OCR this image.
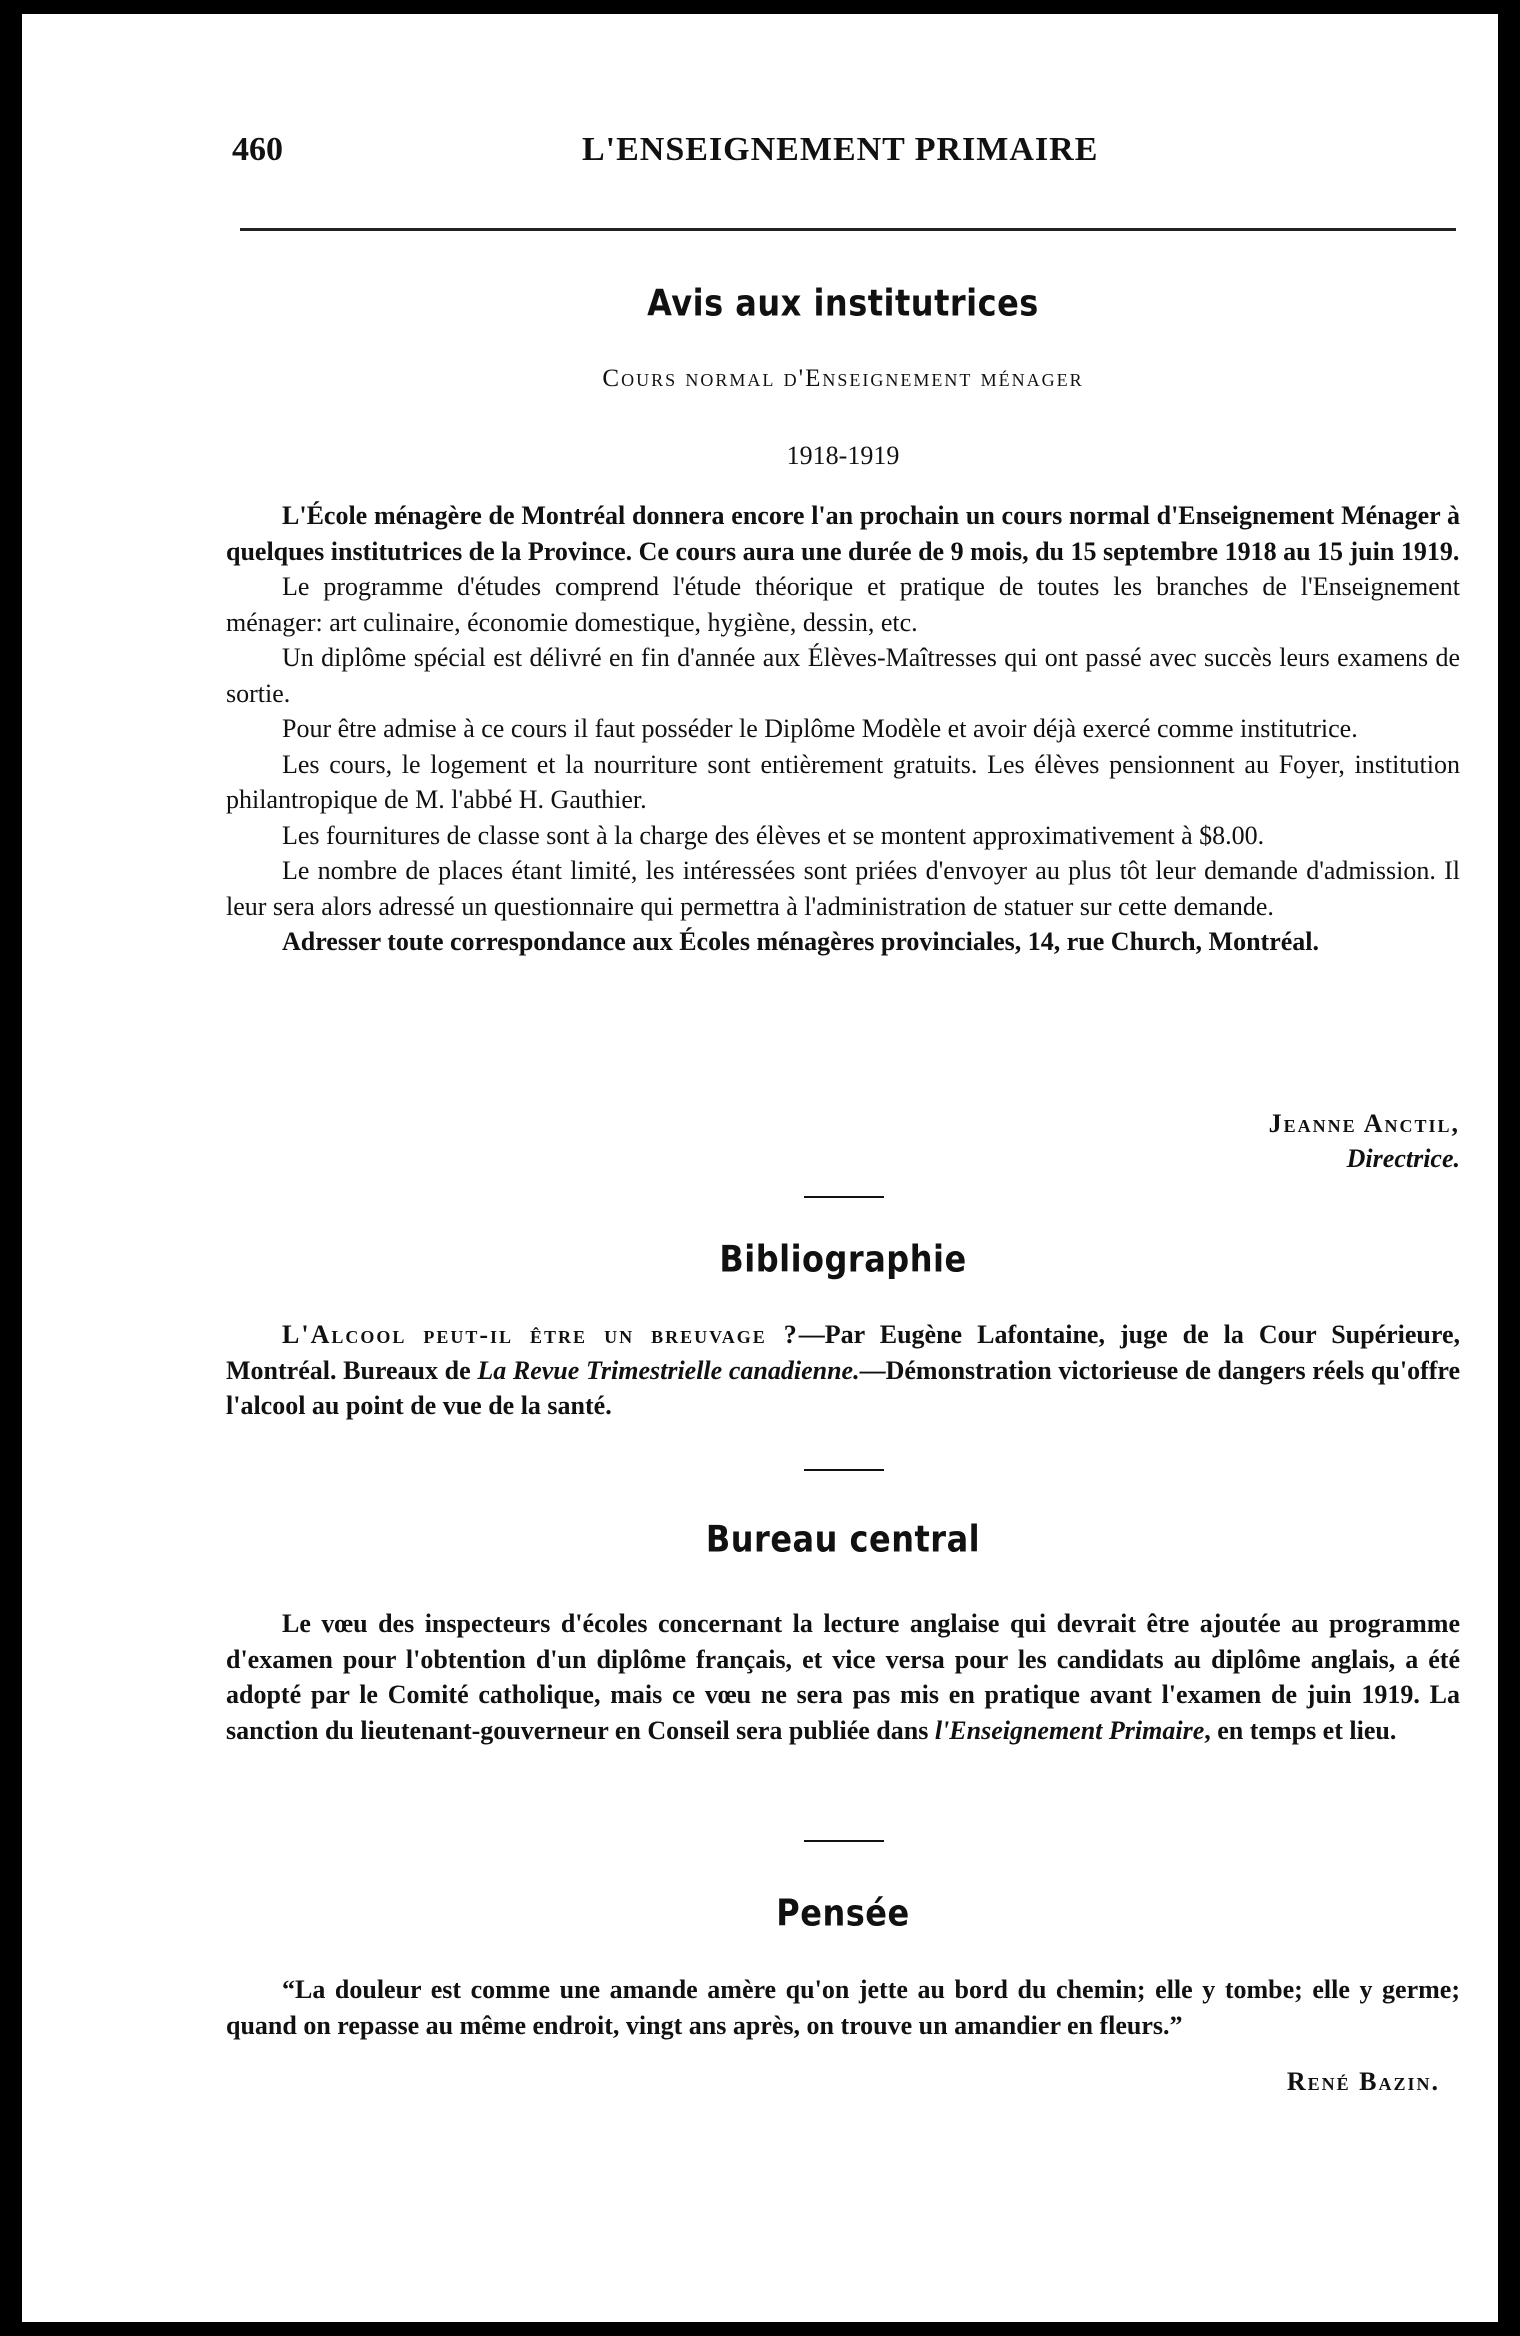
460	L'ENSEIGNEMENT PRIMAIRE
Avis aux institutrices
Cours normal d'Enseignement ménager
1918-1919

L'École ménagère de Montréal donnera encore l'an prochain un cours normal d'Enseignement Ménager à quelques institutrices de la Province. Ce cours aura une durée de 9 mois, du 15 septembre 1918 au 15 juin 1919.

Le programme d'études comprend l'étude théorique et pratique de toutes les branches de l'Enseignement ménager: art culinaire, économie domestique, hygiène, dessin, etc.

Un diplôme spécial est délivré en fin d'année aux Élèves-Maîtresses qui ont passé avec succès leurs examens de sortie.

Pour être admise à ce cours il faut posséder le Diplôme Modèle et avoir déjà exercé comme institutrice.

Les cours, le logement et la nourriture sont entièrement gratuits. Les élèves pensionnent au Foyer, institution philantropique de M. l'abbé H. Gauthier.

Les fournitures de classe sont à la charge des élèves et se montent approximativement à $8.00.

Le nombre de places étant limité, les intéressées sont priées d'envoyer au plus tôt leur demande d'admission. Il leur sera alors adressé un questionnaire qui permettra à l'administration de statuer sur cette demande.

Adresser toute correspondance aux Écoles ménagères provinciales, 14, rue Church, Montréal.

Jeanne Anctil,
Directrice.
Bibliographie

L'Alcool peut-il être un breuvage ?—Par Eugène Lafontaine, juge de la Cour Supérieure, Montréal. Bureaux de La Revue Trimestrielle canadienne.—Démonstration victorieuse de dangers réels qu'offre l'alcool au point de vue de la santé.

Bureau central

Le vœu des inspecteurs d'écoles concernant la lecture anglaise qui devrait être ajoutée au programme d'examen pour l'obtention d'un diplôme français, et vice versa pour les candidats au diplôme anglais, a été adopté par le Comité catholique, mais ce vœu ne sera pas mis en pratique avant l'examen de juin 1919. La sanction du lieutenant-gouverneur en Conseil sera publiée dans l'Enseignement Primaire, en temps et lieu.

Pensée

“La douleur est comme une amande amère qu'on jette au bord du chemin; elle y tombe; elle y germe; quand on repasse au même endroit, vingt ans après, on trouve un amandier en fleurs.”

René Bazin.
